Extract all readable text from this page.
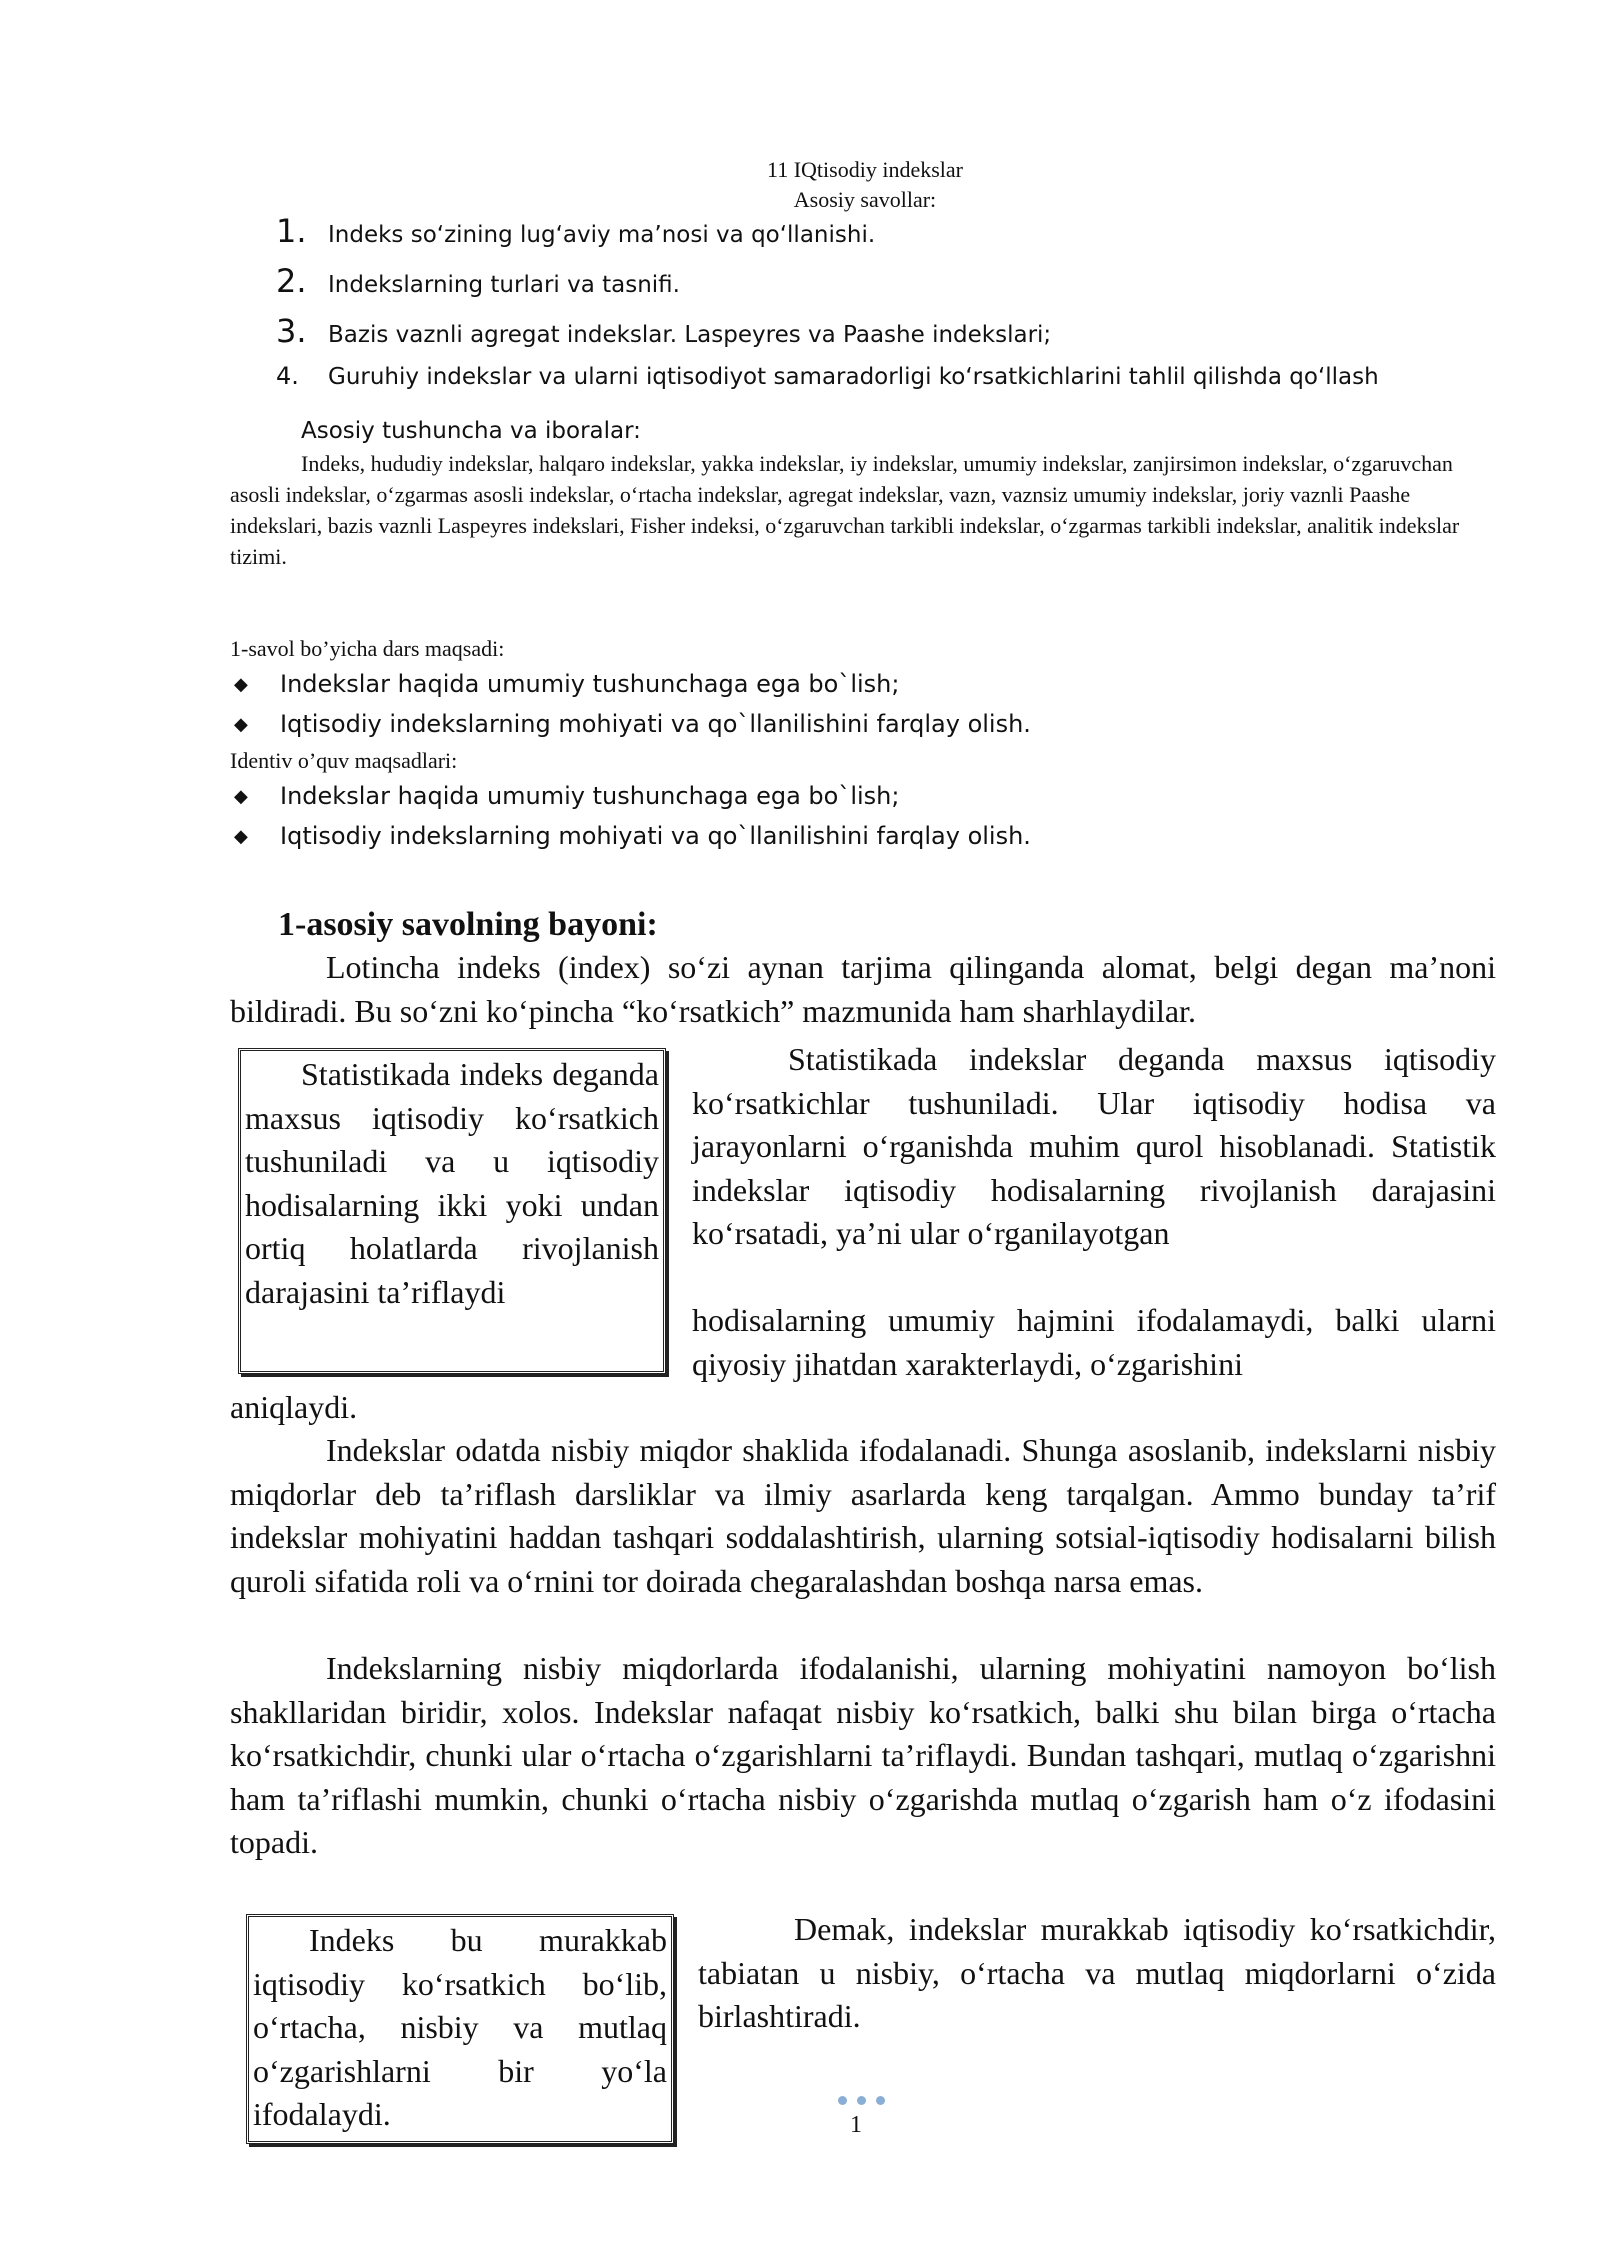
11 IQtisodiy indekslar
Asosiy savollar:
1. Indeks so‘zining lug‘aviy ma’nosi va qo‘llanishi.
2. Indekslarning turlari va tasnifi.
3. Bazis vaznli agregat indekslar. Laspeyres va Paashe indekslari;
4.	Guruhiy indekslar va ularni iqtisodiyot samaradorligi ko‘rsatkichlarini tahlil qilishda qo‘llash
Asosiy tushuncha va iboralar:
Indeks, hududiy indekslar, halqaro indekslar, yakka indekslar, iy indekslar, umumiy indekslar, zanjirsimon indekslar, o‘zgaruvchan asosli indekslar, o‘zgarmas asosli indekslar, o‘rtacha indekslar, agregat indekslar, vazn, vaznsiz umumiy indekslar, joriy vaznli Paashe indekslari, bazis vaznli Laspeyres indekslari, Fisher indeksi, o‘zgaruvchan tarkibli indekslar, o‘zgarmas tarkibli indekslar, analitik indekslar tizimi.
1-savol bo’yicha dars maqsadi:
◆	Indekslar haqida umumiy tushunchaga ega bo`lish;
◆	Iqtisodiy indekslarning mohiyati va qo`llanilishini farqlay olish.
Identiv o’quv maqsadlari:
◆	Indekslar haqida umumiy tushunchaga ega bo`lish;
◆	Iqtisodiy indekslarning mohiyati va qo`llanilishini farqlay olish.
1-asosiy savolning bayoni:
Lotincha indeks (index) so‘zi aynan tarjima qilinganda alomat, belgi degan ma’noni bildiradi. Bu so‘zni ko‘pincha “ko‘rsatkich” mazmunida ham sharhlaydilar.
Statistikada indeks deganda maxsus iqtisodiy ko‘rsatkich tushuniladi va u iqtisodiy hodisalarning ikki yoki undan ortiq holatlarda rivojlanish darajasini ta’riflaydi
Statistikada indekslar deganda maxsus iqtisodiy ko‘rsatkichlar tushuniladi. Ular iqtisodiy hodisa va jarayonlarni o‘rganishda muhim qurol hisoblanadi. Statistik indekslar iqtisodiy hodisalarning rivojlanish darajasini ko‘rsatadi, ya’ni ular o‘rganilayotgan
hodisalarning umumiy hajmini ifodalamaydi, balki ularni qiyosiy jihatdan xarakterlaydi, o‘zgarishini
aniqlaydi.
Indekslar odatda nisbiy miqdor shaklida ifodalanadi. Shunga asoslanib, indekslarni nisbiy miqdorlar deb ta’riflash darsliklar va ilmiy asarlarda keng tarqalgan. Ammo bunday ta’rif indekslar mohiyatini haddan tashqari soddalashtirish, ularning sotsial-iqtisodiy hodisalarni bilish quroli sifatida roli va o‘rnini tor doirada chegaralashdan boshqa narsa emas.
Indekslarning nisbiy miqdorlarda ifodalanishi, ularning mohiyatini namoyon bo‘lish shakllaridan biridir, xolos. Indekslar nafaqat nisbiy ko‘rsatkich, balki shu bilan birga o‘rtacha ko‘rsatkichdir, chunki ular o‘rtacha o‘zgarishlarni ta’riflaydi. Bundan tashqari, mutlaq o‘zgarishni ham ta’riflashi mumkin, chunki o‘rtacha nisbiy o‘zgarishda mutlaq o‘zgarish ham o‘z ifodasini topadi.
Indeks bu murakkab iqtisodiy ko‘rsatkich bo‘lib, o‘rtacha, nisbiy va mutlaq o‘zgarishlarni bir yo‘la ifodalaydi.
Demak, indekslar murakkab iqtisodiy ko‘rsatkichdir, tabiatan u nisbiy, o‘rtacha va mutlaq miqdorlarni o‘zida birlashtiradi.
1
